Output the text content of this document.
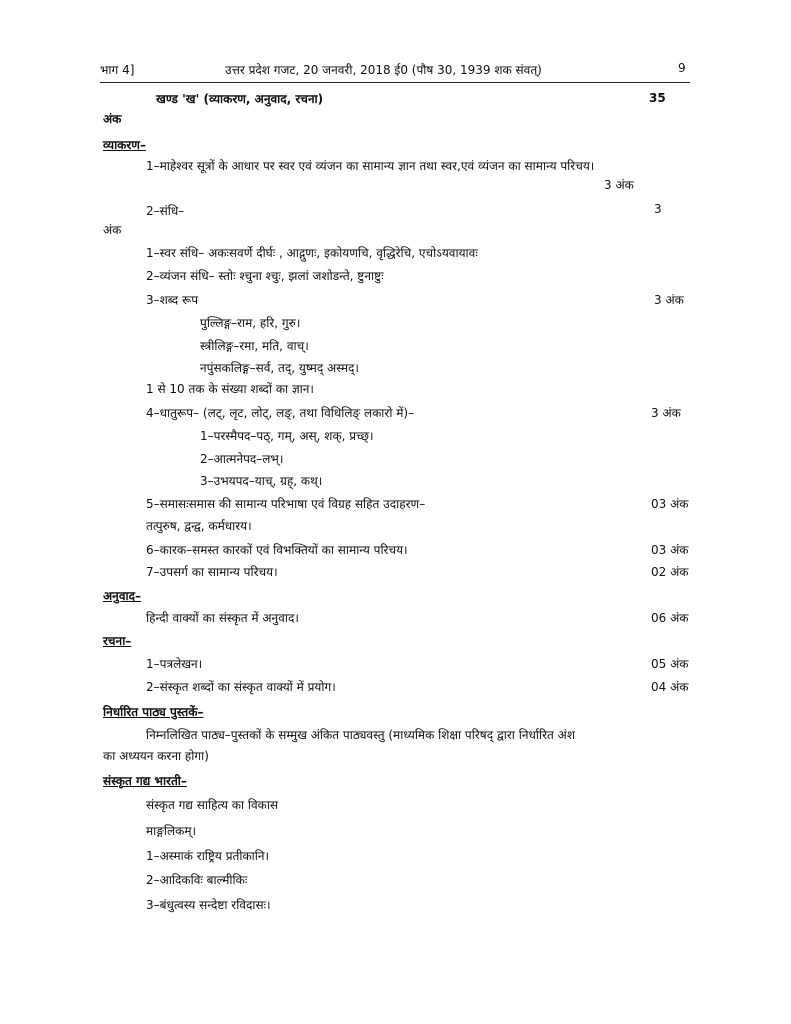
भाग 4]	उत्तर प्रदेश गजट, 20 जनवरी, 2018 ई0 (पौष 30, 1939 शक संवत्)	9
खण्ड 'ख' (व्याकरण, अनुवाद, रचना)	35
अंक
व्याकरण–
1–माहेश्वर सूत्रों के आधार पर स्वर एवं व्यंजन का सामान्य ज्ञान तथा स्वर,एवं व्यंजन का सामान्य परिचय।
3 अंक
2–संधि–	3
अंक
1–स्वर संधि– अकःसवर्णे दीर्घः , आद्गुणः, इकोयणचि, वृद्धिरेचि, एचोऽयवायावः
2–व्यंजन संधि– स्तोः श्चुना श्चुः, झलां जशोडन्ते, ष्टुनाष्टुः
3–शब्द रूप	3 अंक
पुल्लिङ्ग–राम, हरि, गुरु।
स्त्रीलिङ्ग–रमा, मति, वाच्।
नपुंसकलिङ्ग–सर्व, तद्, युष्मद् अस्मद्।
1 से 10 तक के संख्या शब्दों का ज्ञान।
4–धातुरूप– (लट्, लृट, लोट्, लङ्, तथा विधिलिङ् लकारो में)–	3 अंक
1–परस्मैपद–पठ्, गम्, अस्, शक्, प्रच्छ्।
2–आत्मनेपद–लभ्।
3–उभयपद–याच्, ग्रह्, कथ्।
5–समासःसमास की सामान्य परिभाषा एवं विग्रह सहित उदाहरण–	03 अंक
तत्पुरुष, द्वन्द्व, कर्मधारय।
6–कारक–समस्त कारकों एवं विभक्तियों का सामान्य परिचय।	03 अंक
7–उपसर्ग का सामान्य परिचय।	02 अंक
अनुवाद–
हिन्दी वाक्यों का संस्कृत में अनुवाद।	06 अंक
रचना–
1–पत्रलेखन।	05 अंक
2–संस्कृत शब्दों का संस्कृत वाक्यों में प्रयोग।	04 अंक
निर्धारित पाठ्य पुस्तकें–
निम्नलिखित पाठ्य–पुस्तकों के सम्मुख अंकित पाठ्यवस्तु (माध्यमिक शिक्षा परिषद् द्वारा निर्धारित अंश
का अध्ययन करना होगा)
संस्कृत गद्य भारती–
संस्कृत गद्य साहित्य का विकास
माङ्गलिकम्।
1–अस्माकं राष्ट्रिय प्रतीकानि।
2–आदिकविः बाल्मीकिः
3–बंधुत्वस्य सन्देष्टा रविदासः।
